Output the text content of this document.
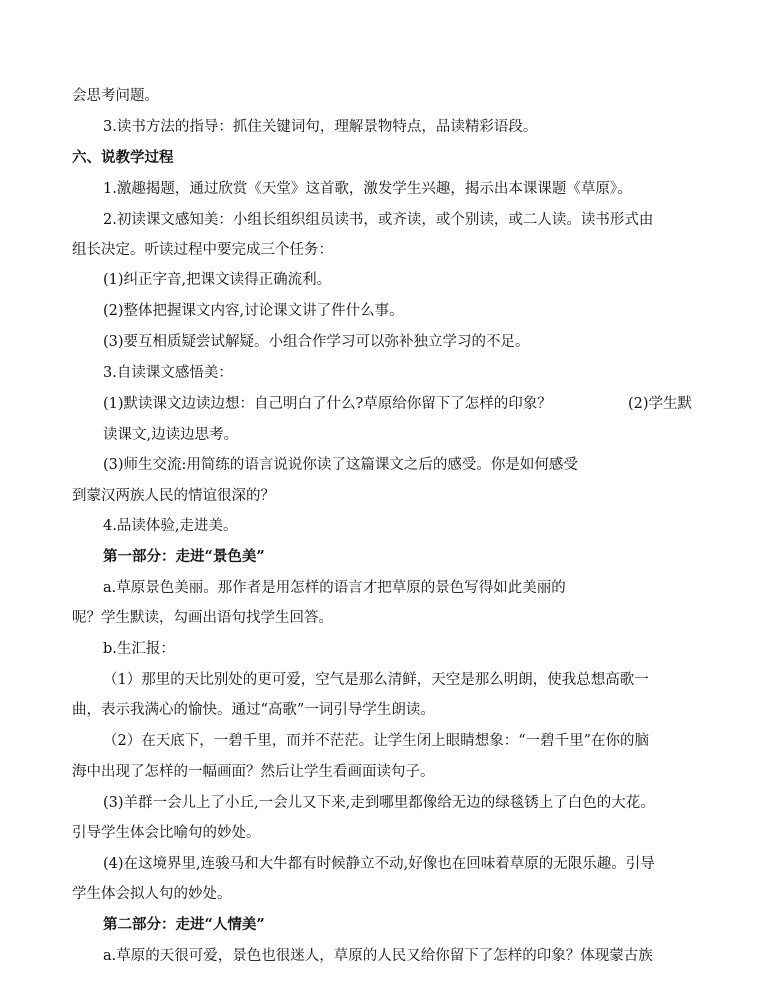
会思考问题。
3.读书方法的指导：抓住关键词句，理解景物特点，品读精彩语段。
六、说教学过程
1.激趣揭题，通过欣赏《天堂》这首歌，激发学生兴趣，揭示出本课课题《草原》。
2.初读课文感知美：小组长组织组员读书，或齐读，或个别读，或二人读。读书形式由
组长决定。听读过程中要完成三个任务：
(1)纠正字音,把课文读得正确流利。
(2)整体把握课文内容,讨论课文讲了件什么事。
(3)要互相质疑尝试解疑。小组合作学习可以弥补独立学习的不足。
3.自读课文感悟美：
(1)默读课文边读边想：自己明白了什么?草原给你留下了怎样的印象？	(2)学生默
读课文,边读边思考。
(3)师生交流:用简练的语言说说你读了这篇课文之后的感受。你是如何感受
到蒙汉两族人民的情谊很深的？
4.品读体验,走进美。
第一部分：走进“景色美”
a.草原景色美丽。那作者是用怎样的语言才把草原的景色写得如此美丽的
呢？学生默读，勾画出语句找学生回答。
b.生汇报：
（1）那里的天比别处的更可爱，空气是那么清鲜，天空是那么明朗，使我总想高歌一
曲，表示我满心的愉快。通过“高歌”一词引导学生朗读。
（2）在天底下，一碧千里，而并不茫茫。让学生闭上眼睛想象：“一碧千里”在你的脑
海中出现了怎样的一幅画面？然后让学生看画面读句子。
(3)羊群一会儿上了小丘,一会儿又下来,走到哪里都像给无边的绿毯锈上了白色的大花。
引导学生体会比喻句的妙处。
(4)在这境界里,连骏马和大牛都有时候静立不动,好像也在回味着草原的无限乐趣。引导
学生体会拟人句的妙处。
第二部分：走进“人情美”
a.草原的天很可爱，景色也很迷人，草原的人民又给你留下了怎样的印象？体现蒙古族
